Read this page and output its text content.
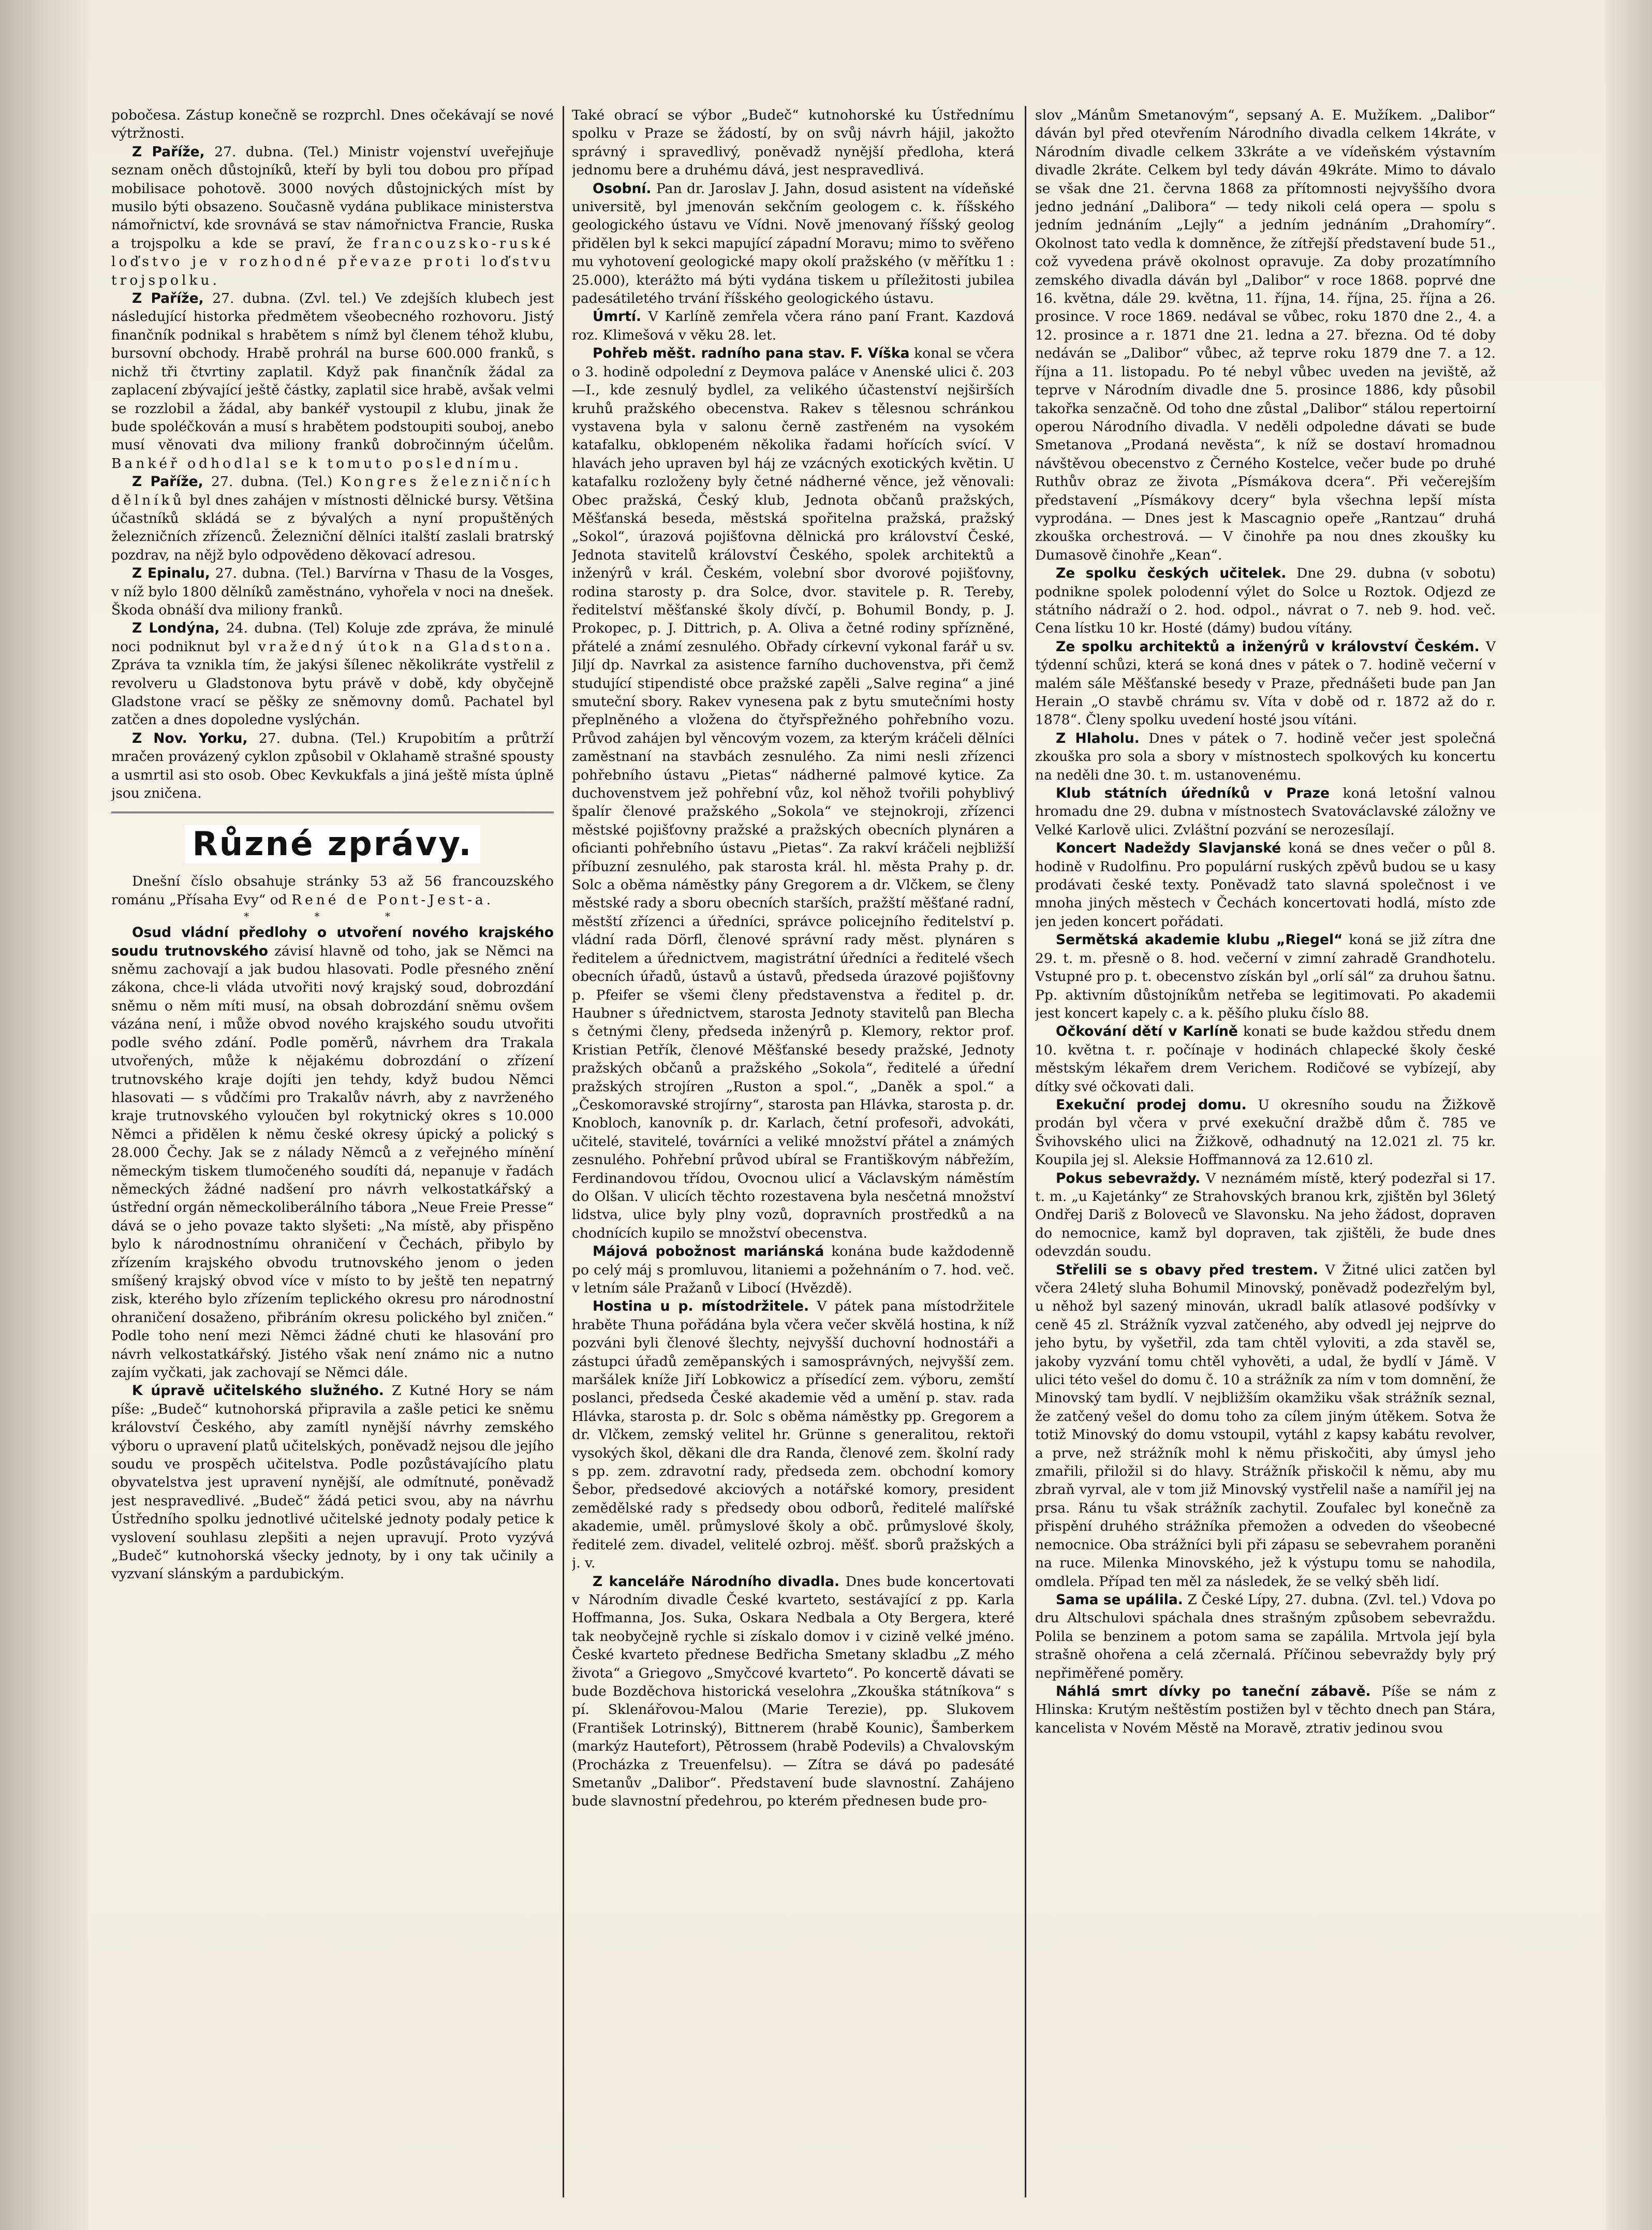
pobočesa. Zástup konečně se rozprchl. Dnes očekávají se nové výtržnosti.

Z Paříže, 27. dubna. (Tel.) Ministr vojenství uveřejňuje seznam oněch důstojníků, kteří by byli tou dobou pro případ mobilisace pohotově. 3000 nových důstojnických míst by musilo býti obsazeno. Současně vydána publikace ministerstva námořnictví, kde srovnává se stav námořnictva Francie, Ruska a trojspolku a kde se praví, že francouzsko-ruské loďstvo je v rozhodné převaze proti loďstvu trojspolku.

Z Paříže, 27. dubna. (Zvl. tel.) Ve zdejších klubech jest následující historka předmětem všeobecného rozhovoru. Jistý finančník podnikal s hrabětem s nímž byl členem téhož klubu, bursovní obchody. Hrabě prohrál na burse 600.000 franků, s nichž tři čtvrtiny zaplatil. Když pak finančník žádal za zaplacení zbývající ještě částky, zaplatil sice hrabě, avšak velmi se rozzlobil a žádal, aby bankéř vystoupil z klubu, jinak že bude spoléčkován a musí s hrabětem podstoupiti souboj, anebo musí věnovati dva miliony franků dobročinným účelům. Bankéř odhodlal se k tomuto poslednímu.

Z Paříže, 27. dubna. (Tel.) Kongres železničních dělníků byl dnes zahájen v místnosti dělnické bursy. Většina účastníků skládá se z bývalých a nyní propuštěných železničních zřízenců. Železniční dělníci italští zaslali bratrský pozdrav, na nějž bylo odpovědeno děkovací adresou.

Z Epinalu, 27. dubna. (Tel.) Barvírna v Thasu de la Vosges, v níž bylo 1800 dělníků zaměstnáno, vyhořela v noci na dnešek. Škoda obnáší dva miliony franků.

Z Londýna, 24. dubna. (Tel) Koluje zde zpráva, že minulé noci podniknut byl vražedný útok na Gladstona. Zpráva ta vznikla tím, že jakýsi šílenec několikráte vystřelil z revolveru u Gladstonova bytu právě v době, kdy obyčejně Gladstone vrací se pěšky ze sněmovny domů. Pachatel byl zatčen a dnes dopoledne vyslýchán.

Z Nov. Yorku, 27. dubna. (Tel.) Krupobitím a průtrží mračen provázený cyklon způsobil v Oklahamě strašné spousty a usmrtil asi sto osob. Obec Kevkukfals a jiná ještě místa úplně jsou zničena.

Různé zprávy.

Dnešní číslo obsahuje stránky 53 až 56 francouzského románu „Přísaha Evy“ od René de Pont-Jest-a.

* * *

Osud vládní předlohy o utvoření nového krajského soudu trutnovského závisí hlavně od toho, jak se Němci na sněmu zachovají a jak budou hlasovati. Podle přesného znění zákona, chce-li vláda utvořiti nový krajský soud, dobrozdání sněmu o něm míti musí, na obsah dobrozdání sněmu ovšem vázána není, i může obvod nového krajského soudu utvořiti podle svého zdání. Podle poměrů, návrhem dra Trakala utvořených, může k nějakému dobrozdání o zřízení trutnovského kraje dojíti jen tehdy, když budou Němci hlasovati — s vůdčími pro Trakalův návrh, aby z navrženého kraje trutnovského vyloučen byl rokytnický okres s 10.000 Němci a přidělen k němu české okresy úpický a polický s 28.000 Čechy. Jak se z nálady Němců a z veřejného mínění německým tiskem tlumočeného soudíti dá, nepanuje v řadách německých žádné nadšení pro návrh velkostatkářský a ústřední orgán německoliberálního tábora „Neue Freie Presse“ dává se o jeho povaze takto slyšeti: „Na místě, aby přispěno bylo k národnostnímu ohraničení v Čechách, přibylo by zřízením krajského obvodu trutnovského jenom o jeden smíšený krajský obvod více v místo to by ještě ten nepatrný zisk, kterého bylo zřízením teplického okresu pro národnostní ohraničení dosaženo, přibráním okresu polického byl zničen.“ Podle toho není mezi Němci žádné chuti ke hlasování pro návrh velkostatkářský. Jistého však není známo nic a nutno zajím vyčkati, jak zachovají se Němci dále.

K úpravě učitelského služného. Z Kutné Hory se nám píše: „Budeč“ kutnohorská připravila a zašle petici ke sněmu království Českého, aby zamítl nynější návrhy zemského výboru o upravení platů učitelských, poněvadž nejsou dle jejího soudu ve prospěch učitelstva. Podle pozůstávajícího platu obyvatelstva jest upravení nynější, ale odmítnuté, poněvadž jest nespravedlivé. „Budeč“ žádá petici svou, aby na návrhu Ústředního spolku jednotlivé učitelské jednoty podaly petice k vyslovení souhlasu zlepšiti a nejen upravují. Proto vyzývá „Budeč“ kutnohorská všecky jednoty, by i ony tak učinily a vyzvaní slánským a pardubickým.

Také obrací se výbor „Budeč“ kutnohorské ku Ústřednímu spolku v Praze se žádostí, by on svůj návrh hájil, jakožto správný i spravedlivý, poněvadž nynější předloha, která jednomu bere a druhému dává, jest nespravedlivá.

Osobní. Pan dr. Jaroslav J. Jahn, dosud asistent na vídeňské universitě, byl jmenován sekčním geologem c. k. říšského geologického ústavu ve Vídni. Nově jmenovaný říšský geolog přidělen byl k sekci mapující západní Moravu; mimo to svěřeno mu vyhotovení geologické mapy okolí pražského (v měřítku 1 : 25.000), kterážto má býti vydána tiskem u příležitosti jubilea padesátiletého trvání říšského geologického ústavu.

Úmrtí. V Karlíně zemřela včera ráno paní Frant. Kazdová roz. Klimešová v věku 28. let.

Pohřeb měšt. radního pana stav. F. Víška konal se včera o 3. hodině odpolední z Deymova paláce v Anenské ulici č. 203—I., kde zesnulý bydlel, za velikého účastenství nejširších kruhů pražského obecenstva. Rakev s tělesnou schránkou vystavena byla v salonu černě zastřeném na vysokém katafalku, obklopeném několika řadami hořících svící. V hlavách jeho upraven byl háj ze vzácných exotických květin. U katafalku rozloženy byly četné nádherné věnce, jež věnovali: Obec pražská, Český klub, Jednota občanů pražských, Měšťanská beseda, městská spořitelna pražská, pražský „Sokol“, úrazová pojišťovna dělnická pro království České, Jednota stavitelů království Českého, spolek architektů a inženýrů v král. Českém, volební sbor dvorové pojišťovny, rodina starosty p. dra Solce, dvor. stavitele p. R. Tereby, ředitelství měšťanské školy dívčí, p. Bohumil Bondy, p. J. Prokopec, p. J. Dittrich, p. A. Oliva a četné rodiny spřízněné, přátelé a známí zesnulého. Obřady církevní vykonal farář u sv. Jiljí dp. Navrkal za asistence farního duchovenstva, při čemž studující stipendisté obce pražské zapěli „Salve regina“ a jiné smuteční sbory. Rakev vynesena pak z bytu smutečními hosty přeplněného a vložena do čtyřspřežného pohřebního vozu. Průvod zahájen byl věncovým vozem, za kterým kráčeli dělníci zaměstnaní na stavbách zesnulého. Za nimi nesli zřízenci pohřebního ústavu „Pietas“ nádherné palmové kytice. Za duchovenstvem jež pohřební vůz, kol něhož tvořili pohyblivý špalír členové pražského „Sokola“ ve stejnokroji, zřízenci městské pojišťovny pražské a pražských obecních plynáren a oficianti pohřebního ústavu „Pietas“. Za rakví kráčeli nejbližší příbuzní zesnulého, pak starosta král. hl. města Prahy p. dr. Solc a oběma náměstky pány Gregorem a dr. Vlčkem, se členy městské rady a sboru obecních starších, pražští měšťané radní, městští zřízenci a úředníci, správce policejního ředitelství p. vládní rada Dörfl, členové správní rady měst. plynáren s ředitelem a úřednictvem, magistrátní úředníci a ředitelé všech obecních úřadů, ústavů a ústavů, předseda úrazové pojišťovny p. Pfeifer se všemi členy představenstva a ředitel p. dr. Haubner s úřednictvem, starosta Jednoty stavitelů pan Blecha s četnými členy, předseda inženýrů p. Klemory, rektor prof. Kristian Petřík, členové Měšťanské besedy pražské, Jednoty pražských občanů a pražského „Sokola“, ředitelé a úřední pražských strojíren „Ruston a spol.“, „Daněk a spol.“ a „Českomoravské strojírny“, starosta pan Hlávka, starosta p. dr. Knobloch, kanovník p. dr. Karlach, četní profesoři, advokáti, učitelé, stavitelé, továrníci a veliké množství přátel a známých zesnulého. Pohřební průvod ubíral se Františkovým nábřežím, Ferdinandovou třídou, Ovocnou ulicí a Václavským náměstím do Olšan. V ulicích těchto rozestavena byla nesčetná množství lidstva, ulice byly plny vozů, dopravních prostředků a na chodnících kupilo se množství obecenstva.

Májová pobožnost mariánská konána bude každodenně po celý máj s promluvou, litaniemi a požehnáním o 7. hod. več. v letním sále Pražanů v Libocí (Hvězdě).

Hostina u p. místodržitele. V pátek pana místodržitele hraběte Thuna pořádána byla včera večer skvělá hostina, k níž pozváni byli členové šlechty, nejvyšší duchovní hodnostáři a zástupci úřadů zeměpanských i samosprávných, nejvyšší zem. maršálek kníže Jiří Lobkowicz a přísedící zem. výboru, zemští poslanci, předseda České akademie věd a umění p. stav. rada Hlávka, starosta p. dr. Solc s oběma náměstky pp. Gregorem a dr. Vlčkem, zemský velitel hr. Grünne s generalitou, rektoři vysokých škol, děkani dle dra Randa, členové zem. školní rady s pp. zem. zdravotní rady, předseda zem. obchodní komory Šebor, předsedové akciových a notářské komory, president zemědělské rady s předsedy obou odborů, ředitelé malířské akademie, uměl. průmyslové školy a obč. průmyslové školy, ředitelé zem. divadel, velitelé ozbroj. měšť. sborů pražských a j. v.

Z kanceláře Národního divadla. Dnes bude koncertovati v Národním divadle České kvarteto, sestávající z pp. Karla Hoffmanna, Jos. Suka, Oskara Nedbala a Oty Bergera, které tak neobyčejně rychle si získalo domov i v cizině velké jméno. České kvarteto přednese Bedřicha Smetany skladbu „Z mého života“ a Griegovo „Smyčcové kvarteto“. Po koncertě dávati se bude Bozděchova historická veselohra „Zkouška státníkova“ s pí. Sklenářovou-Malou (Marie Terezie), pp. Slukovem (František Lotrinský), Bittnerem (hrabě Kounic), Šamberkem (markýz Hautefort), Pětrossem (hrabě Podevils) a Chvalovským (Procházka z Treuenfelsu). — Zítra se dává po padesáté Smetanův „Dalibor“. Představení bude slavnostní. Zahájeno bude slavnostní předehrou, po kterém přednesen bude pro-

slov „Mánům Smetanovým“, sepsaný A. E. Mužíkem. „Dalibor“ dáván byl před otevřením Národního divadla celkem 14kráte, v Národním divadle celkem 33kráte a ve vídeňském výstavním divadle 2kráte. Celkem byl tedy dáván 49kráte. Mimo to dávalo se však dne 21. června 1868 za přítomnosti nejvyššího dvora jedno jednání „Dalibora“ — tedy nikoli celá opera — spolu s jedním jednáním „Lejly“ a jedním jednáním „Drahomíry“. Okolnost tato vedla k domněnce, že zítřejší představení bude 51., což vyvedena právě okolnost opravuje. Za doby prozatímního zemského divadla dáván byl „Dalibor“ v roce 1868. poprvé dne 16. května, dále 29. května, 11. října, 14. října, 25. října a 26. prosince. V roce 1869. nedával se vůbec, roku 1870 dne 2., 4. a 12. prosince a r. 1871 dne 21. ledna a 27. března. Od té doby nedáván se „Dalibor“ vůbec, až teprve roku 1879 dne 7. a 12. října a 11. listopadu. Po té nebyl vůbec uveden na jeviště, až teprve v Národním divadle dne 5. prosince 1886, kdy působil takořka senzačně. Od toho dne zůstal „Dalibor“ stálou repertoirní operou Národního divadla. V neděli odpoledne dávati se bude Smetanova „Prodaná nevěsta“, k níž se dostaví hromadnou návštěvou obecenstvo z Černého Kostelce, večer bude po druhé Ruthův obraz ze života „Písmákova dcera“. Při večerejším představení „Písmákovy dcery“ byla všechna lepší místa vyprodána. — Dnes jest k Mascagnio opeře „Rantzau“ druhá zkouška orchestrová. — V činohře pa nou dnes zkoušky ku Dumasově činohře „Kean“.

Ze spolku českých učitelek. Dne 29. dubna (v sobotu) podnikne spolek polodenní výlet do Solce u Roztok. Odjezd ze státního nádraží o 2. hod. odpol., návrat o 7. neb 9. hod. več. Cena lístku 10 kr. Hosté (dámy) budou vítány.

Ze spolku architektů a inženýrů v království Českém. V týdenní schůzi, která se koná dnes v pátek o 7. hodině večerní v malém sále Měšťanské besedy v Praze, přednášeti bude pan Jan Herain „O stavbě chrámu sv. Víta v době od r. 1872 až do r. 1878“. Členy spolku uvedení hosté jsou vítáni.

Z Hlaholu. Dnes v pátek o 7. hodině večer jest společná zkouška pro sola a sbory v místnostech spolkových ku koncertu na neděli dne 30. t. m. ustanovenému.

Klub státních úředníků v Praze koná letošní valnou hromadu dne 29. dubna v místnostech Svatováclavské záložny ve Velké Karlově ulici. Zvláštní pozvání se nerozesílají.

Koncert Nadeždy Slavjanské koná se dnes večer o půl 8. hodině v Rudolfinu. Pro populární ruských zpěvů budou se u kasy prodávati české texty. Poněvadž tato slavná společnost i ve mnoha jiných městech v Čechách koncertovati hodlá, místo zde jen jeden koncert pořádati.

Sermětská akademie klubu „Riegel“ koná se již zítra dne 29. t. m. přesně o 8. hod. večerní v zimní zahradě Grandhotelu. Vstupné pro p. t. obecenstvo získán byl „orlí sál“ za druhou šatnu. Pp. aktivním důstojníkům netřeba se legitimovati. Po akademii jest koncert kapely c. a k. pěšího pluku číslo 88.

Očkování dětí v Karlíně konati se bude každou středu dnem 10. května t. r. počínaje v hodinách chlapecké školy české městským lékařem drem Verichem. Rodičové se vybízejí, aby dítky své očkovati dali.

Exekuční prodej domu. U okresního soudu na Žižkově prodán byl včera v prvé exekuční dražbě dům č. 785 ve Švihovského ulici na Žižkově, odhadnutý na 12.021 zl. 75 kr. Koupila jej sl. Aleksie Hoffmannová za 12.610 zl.

Pokus sebevraždy. V neznámém místě, který podezřal si 17. t. m. „u Kajetánky“ ze Strahovských branou krk, zjištěn byl 36letý Ondřej Dariš z Boloveců ve Slavonsku. Na jeho žádost, dopraven do nemocnice, kamž byl dopraven, tak zjištěli, že bude dnes odevzdán soudu.

Střelili se s obavy před trestem. V Žitné ulici zatčen byl včera 24letý sluha Bohumil Minovský, poněvadž podezřelým byl, u něhož byl sazený minován, ukradl balík atlasové podšívky v ceně 45 zl. Strážník vyzval zatčeného, aby odvedl jej nejprve do jeho bytu, by vyšetřil, zda tam chtěl vyloviti, a zda stavěl se, jakoby vyzvání tomu chtěl vyhověti, a udal, že bydlí v Jámě. V ulici této vešel do domu č. 10 a strážník za ním v tom domnění, že Minovský tam bydlí. V nejbližším okamžiku však strážník seznal, že zatčený vešel do domu toho za cílem jiným útěkem. Sotva že totiž Minovský do domu vstoupil, vytáhl z kapsy kabátu revolver, a prve, než strážník mohl k němu přiskočiti, aby úmysl jeho zmařili, přiložil si do hlavy. Strážník přiskočil k němu, aby mu zbraň vyrval, ale v tom již Minovský vystřelil naše a namířil jej na prsa. Ránu tu však strážník zachytil. Zoufalec byl konečně za přispění druhého strážníka přemožen a odveden do všeobecné nemocnice. Oba strážníci byli při zápasu se sebevrahem poraněni na ruce. Milenka Minovského, jež k výstupu tomu se nahodila, omdlela. Případ ten měl za následek, že se velký sběh lidí.

Sama se upálila. Z České Lípy, 27. dubna. (Zvl. tel.) Vdova po dru Altschulovi spáchala dnes strašným způsobem sebevraždu. Polila se benzinem a potom sama se zapálila. Mrtvola její byla strašně ohořena a celá zčernalá. Příčinou sebevraždy byly prý nepřiměřené poměry.

Náhlá smrt dívky po taneční zábavě. Píše se nám z Hlinska: Krutým neštěstím postižen byl v těchto dnech pan Stára, kancelista v Novém Městě na Moravě, ztrativ jedinou svou
